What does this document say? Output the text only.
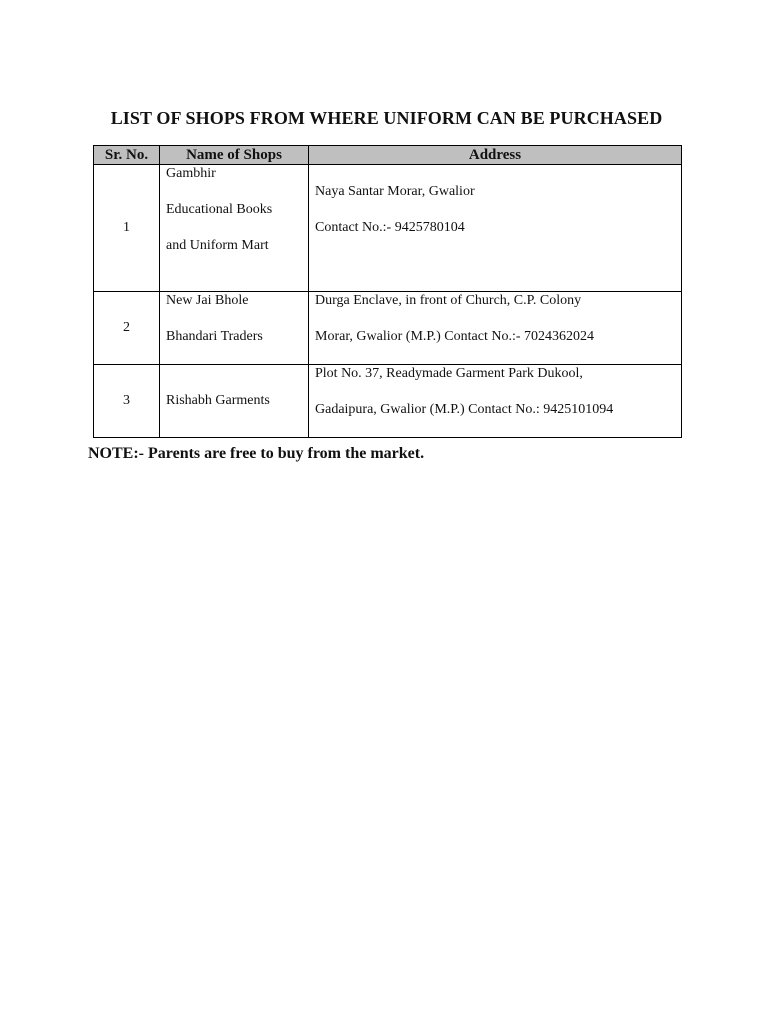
LIST OF SHOPS FROM WHERE UNIFORM CAN BE PURCHASED
Sr. No.	Name of Shops	Address
1	Gambhir
Educational Books
and Uniform Mart	Naya Santar Morar, Gwalior
Contact No.:- 9425780104

2	New Jai Bhole
Bhandari Traders	Durga Enclave, in front of Church, C.P. Colony
Morar, Gwalior (M.P.) Contact No.:- 7024362024

3	Rishabh Garments	Plot No. 37, Readymade Garment Park Dukool,
Gadaipura, Gwalior (M.P.) Contact No.: 9425101094
NOTE:- Parents are free to buy from the market.
